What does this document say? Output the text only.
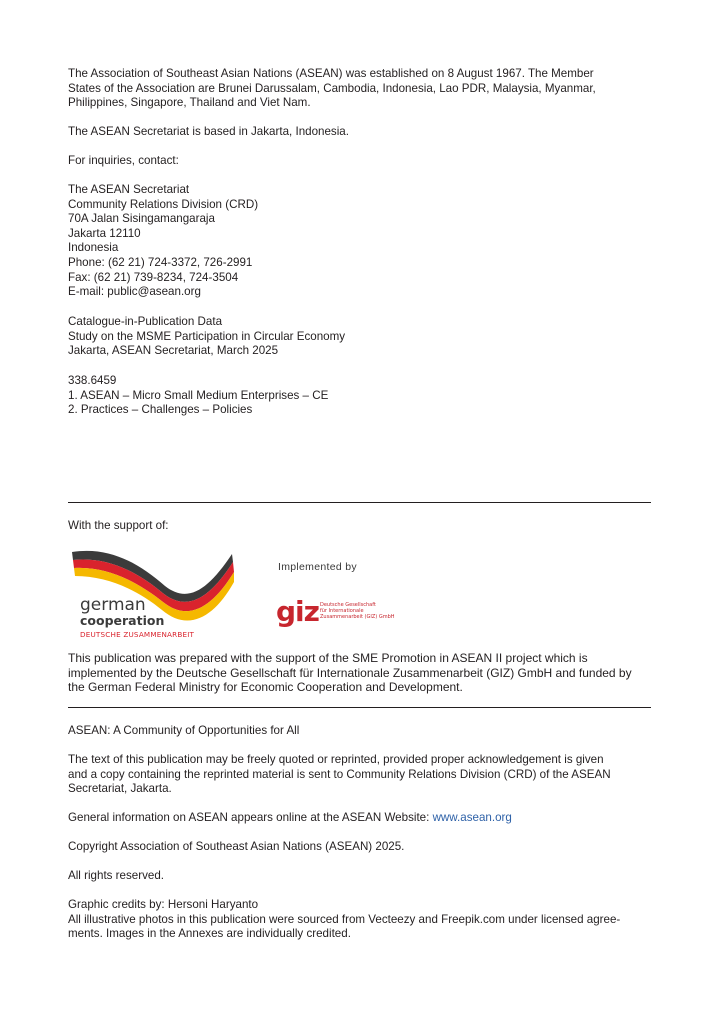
The Association of Southeast Asian Nations (ASEAN) was established on 8 August 1967. The Member
States of the Association are Brunei Darussalam, Cambodia, Indonesia, Lao PDR, Malaysia, Myanmar,
Philippines, Singapore, Thailand and Viet Nam.
The ASEAN Secretariat is based in Jakarta, Indonesia.
For inquiries, contact:
The ASEAN Secretariat
Community Relations Division (CRD)
70A Jalan Sisingamangaraja
Jakarta 12110
Indonesia
Phone: (62 21) 724-3372, 726-2991
Fax: (62 21) 739-8234, 724-3504
E-mail: public@asean.org
Catalogue-in-Publication Data
Study on the MSME Participation in Circular Economy
Jakarta, ASEAN Secretariat, March 2025
338.6459
1. ASEAN – Micro Small Medium Enterprises – CE
2. Practices – Challenges – Policies
With the support of:
german
cooperation
DEUTSCHE ZUSAMMENARBEIT
Implemented by
giz Deutsche Gesellschaft
für Internationale
Zusammenarbeit (GIZ) GmbH
This publication was prepared with the support of the SME Promotion in ASEAN II project which is
implemented by the Deutsche Gesellschaft für Internationale Zusammenarbeit (GIZ) GmbH and funded by
the German Federal Ministry for Economic Cooperation and Development.
ASEAN: A Community of Opportunities for All
The text of this publication may be freely quoted or reprinted, provided proper acknowledgement is given
and a copy containing the reprinted material is sent to Community Relations Division (CRD) of the ASEAN
Secretariat, Jakarta.
General information on ASEAN appears online at the ASEAN Website: www.asean.org
Copyright Association of Southeast Asian Nations (ASEAN) 2025.
All rights reserved.
Graphic credits by: Hersoni Haryanto
All illustrative photos in this publication were sourced from Vecteezy and Freepik.com under licensed agree-
ments. Images in the Annexes are individually credited.
